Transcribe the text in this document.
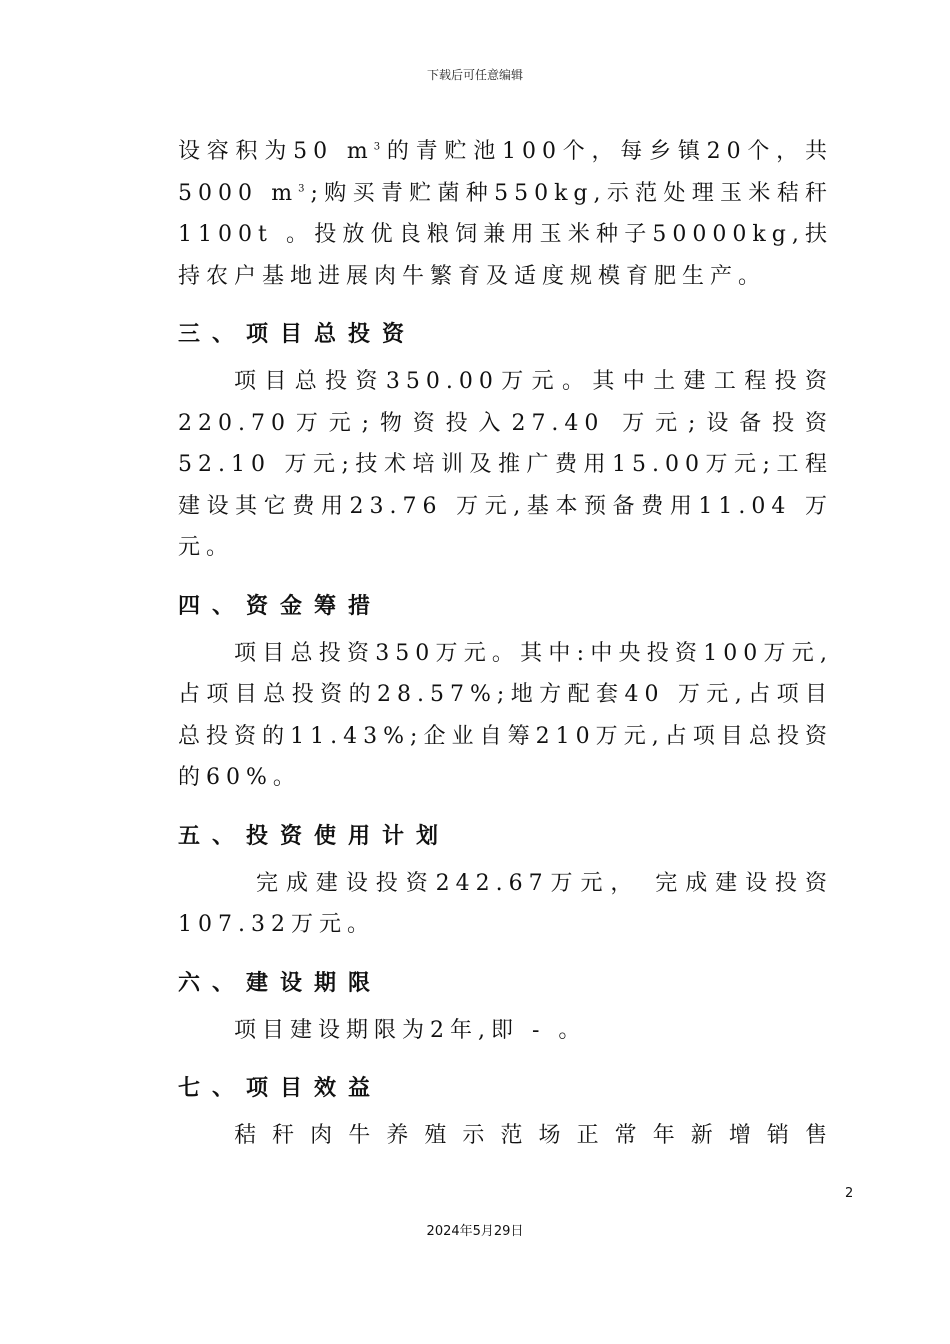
下载后可任意编辑

设容积为50 $m^3$的青贮池100个，每乡镇20个，共5000 $m^3$;购买青贮菌种550kg,示范处理玉米秸秆1100t 。投放优良粮饲兼用玉米种子50000kg,扶持农户基地进展肉牛繁育及适度规模育肥生产。

三、项目总投资

项目总投资350.00万元。其中土建工程投资220.70万元;物资投入27.40 万元;设备投资52.10 万元;技术培训及推广费用15.00万元;工程建设其它费用23.76 万元,基本预备费用11.04 万元。

四、资金筹措

项目总投资350万元。其中:中央投资100万元,占项目总投资的28.57%;地方配套40 万元,占项目总投资的11.43%;企业自筹210万元,占项目总投资的60%。

五、投资使用计划

完成建设投资242.67万元， 完成建设投资107.32万元。

六、建设期限

项目建设期限为2年,即 - 。

七、项目效益

秸秆肉牛养殖示范场正常年新增销售

2
2024年5月29日
